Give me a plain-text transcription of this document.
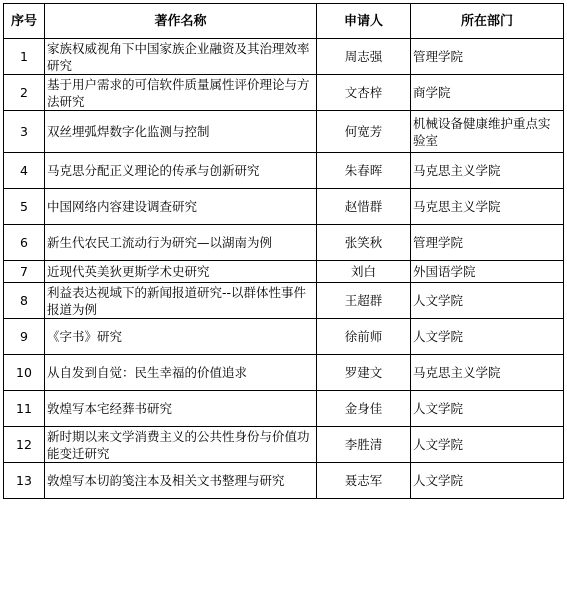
序号	著作名称	申请人	所在部门
1	家族权威视角下中国家族企业融资及其治理效率研究	周志强	管理学院
2	基于用户需求的可信软件质量属性评价理论与方法研究	文杏梓	商学院
3	双丝埋弧焊数字化监测与控制	何宽芳	机械设备健康维护重点实验室
4	马克思分配正义理论的传承与创新研究	朱春晖	马克思主义学院
5	中国网络内容建设调查研究	赵惜群	马克思主义学院
6	新生代农民工流动行为研究—以湖南为例	张笑秋	管理学院
7	近现代英美狄更斯学术史研究	刘白	外国语学院
8	利益表达视域下的新闻报道研究--以群体性事件报道为例	王超群	人文学院
9	《字书》研究	徐前师	人文学院
10	从自发到自觉：民生幸福的价值追求	罗建文	马克思主义学院
11	敦煌写本宅经葬书研究	金身佳	人文学院
12	新时期以来文学消费主义的公共性身份与价值功能变迁研究	李胜清	人文学院
13	敦煌写本切韵笺注本及相关文书整理与研究	聂志军	人文学院
